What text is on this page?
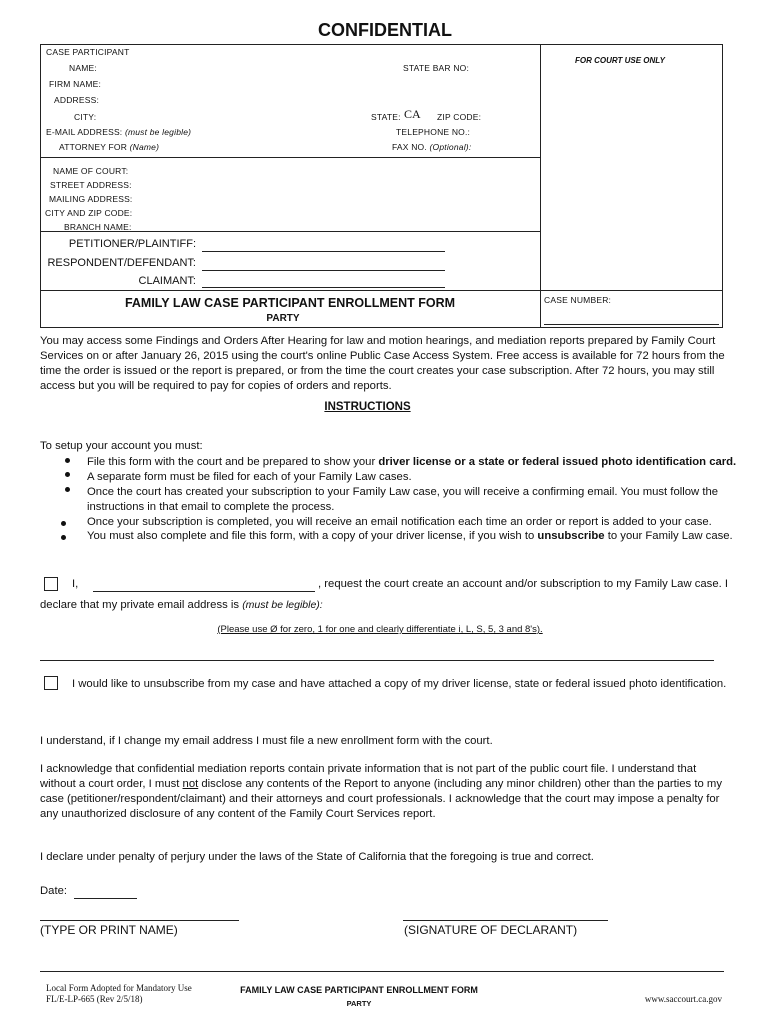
CONFIDENTIAL
CASE PARTICIPANT
NAME:	STATE BAR NO:
FOR COURT USE ONLY
FIRM NAME:
ADDRESS:
CITY:	STATE: CA ZIP CODE:
E-MAIL ADDRESS: (must be legible)	TELEPHONE NO.:
ATTORNEY FOR (Name)	FAX NO. (Optional):
NAME OF COURT:
STREET ADDRESS:
MAILING ADDRESS:
CITY AND ZIP CODE:
BRANCH NAME:
PETITIONER/PLAINTIFF:
RESPONDENT/DEFENDANT:
CLAIMANT:
FAMILY LAW CASE PARTICIPANT ENROLLMENT FORM
PARTY
CASE NUMBER:
You may access some Findings and Orders After Hearing for law and motion hearings, and mediation reports prepared by Family Court Services on or after January 26, 2015 using the court's online Public Case Access System. Free access is available for 72 hours from the time the order is issued or the report is prepared, or from the time the court creates your case subscription. After 72 hours, you may still access but you will be required to pay for copies of orders and reports.
INSTRUCTIONS
To setup your account you must:
File this form with the court and be prepared to show your driver license or a state or federal issued photo identification card.
A separate form must be filed for each of your Family Law cases.
Once the court has created your subscription to your Family Law case, you will receive a confirming email. You must follow the instructions in that email to complete the process.
Once your subscription is completed, you will receive an email notification each time an order or report is added to your case.
You must also complete and file this form, with a copy of your driver license, if you wish to unsubscribe to your Family Law case.
I,	, request the court create an account and/or subscription to my Family Law case. I
declare that my private email address is (must be legible):
(Please use Ø for zero, 1 for one and clearly differentiate i, L, S, 5, 3 and 8's).
I would like to unsubscribe from my case and have attached a copy of my driver license, state or federal issued photo identification.
I understand, if I change my email address I must file a new enrollment form with the court.
I acknowledge that confidential mediation reports contain private information that is not part of the public court file. I understand that without a court order, I must not disclose any contents of the Report to anyone (including any minor children) other than the parties to my case (petitioner/respondent/claimant) and their attorneys and court professionals. I acknowledge that the court may impose a penalty for any unauthorized disclosure of any content of the Family Court Services report.
I declare under penalty of perjury under the laws of the State of California that the foregoing is true and correct.
Date:
(TYPE OR PRINT NAME)	(SIGNATURE OF DECLARANT)
Local Form Adopted for Mandatory Use
FL/E-LP-665 (Rev 2/5/18)
FAMILY LAW CASE PARTICIPANT ENROLLMENT FORM
PARTY	www.saccourt.ca.gov
